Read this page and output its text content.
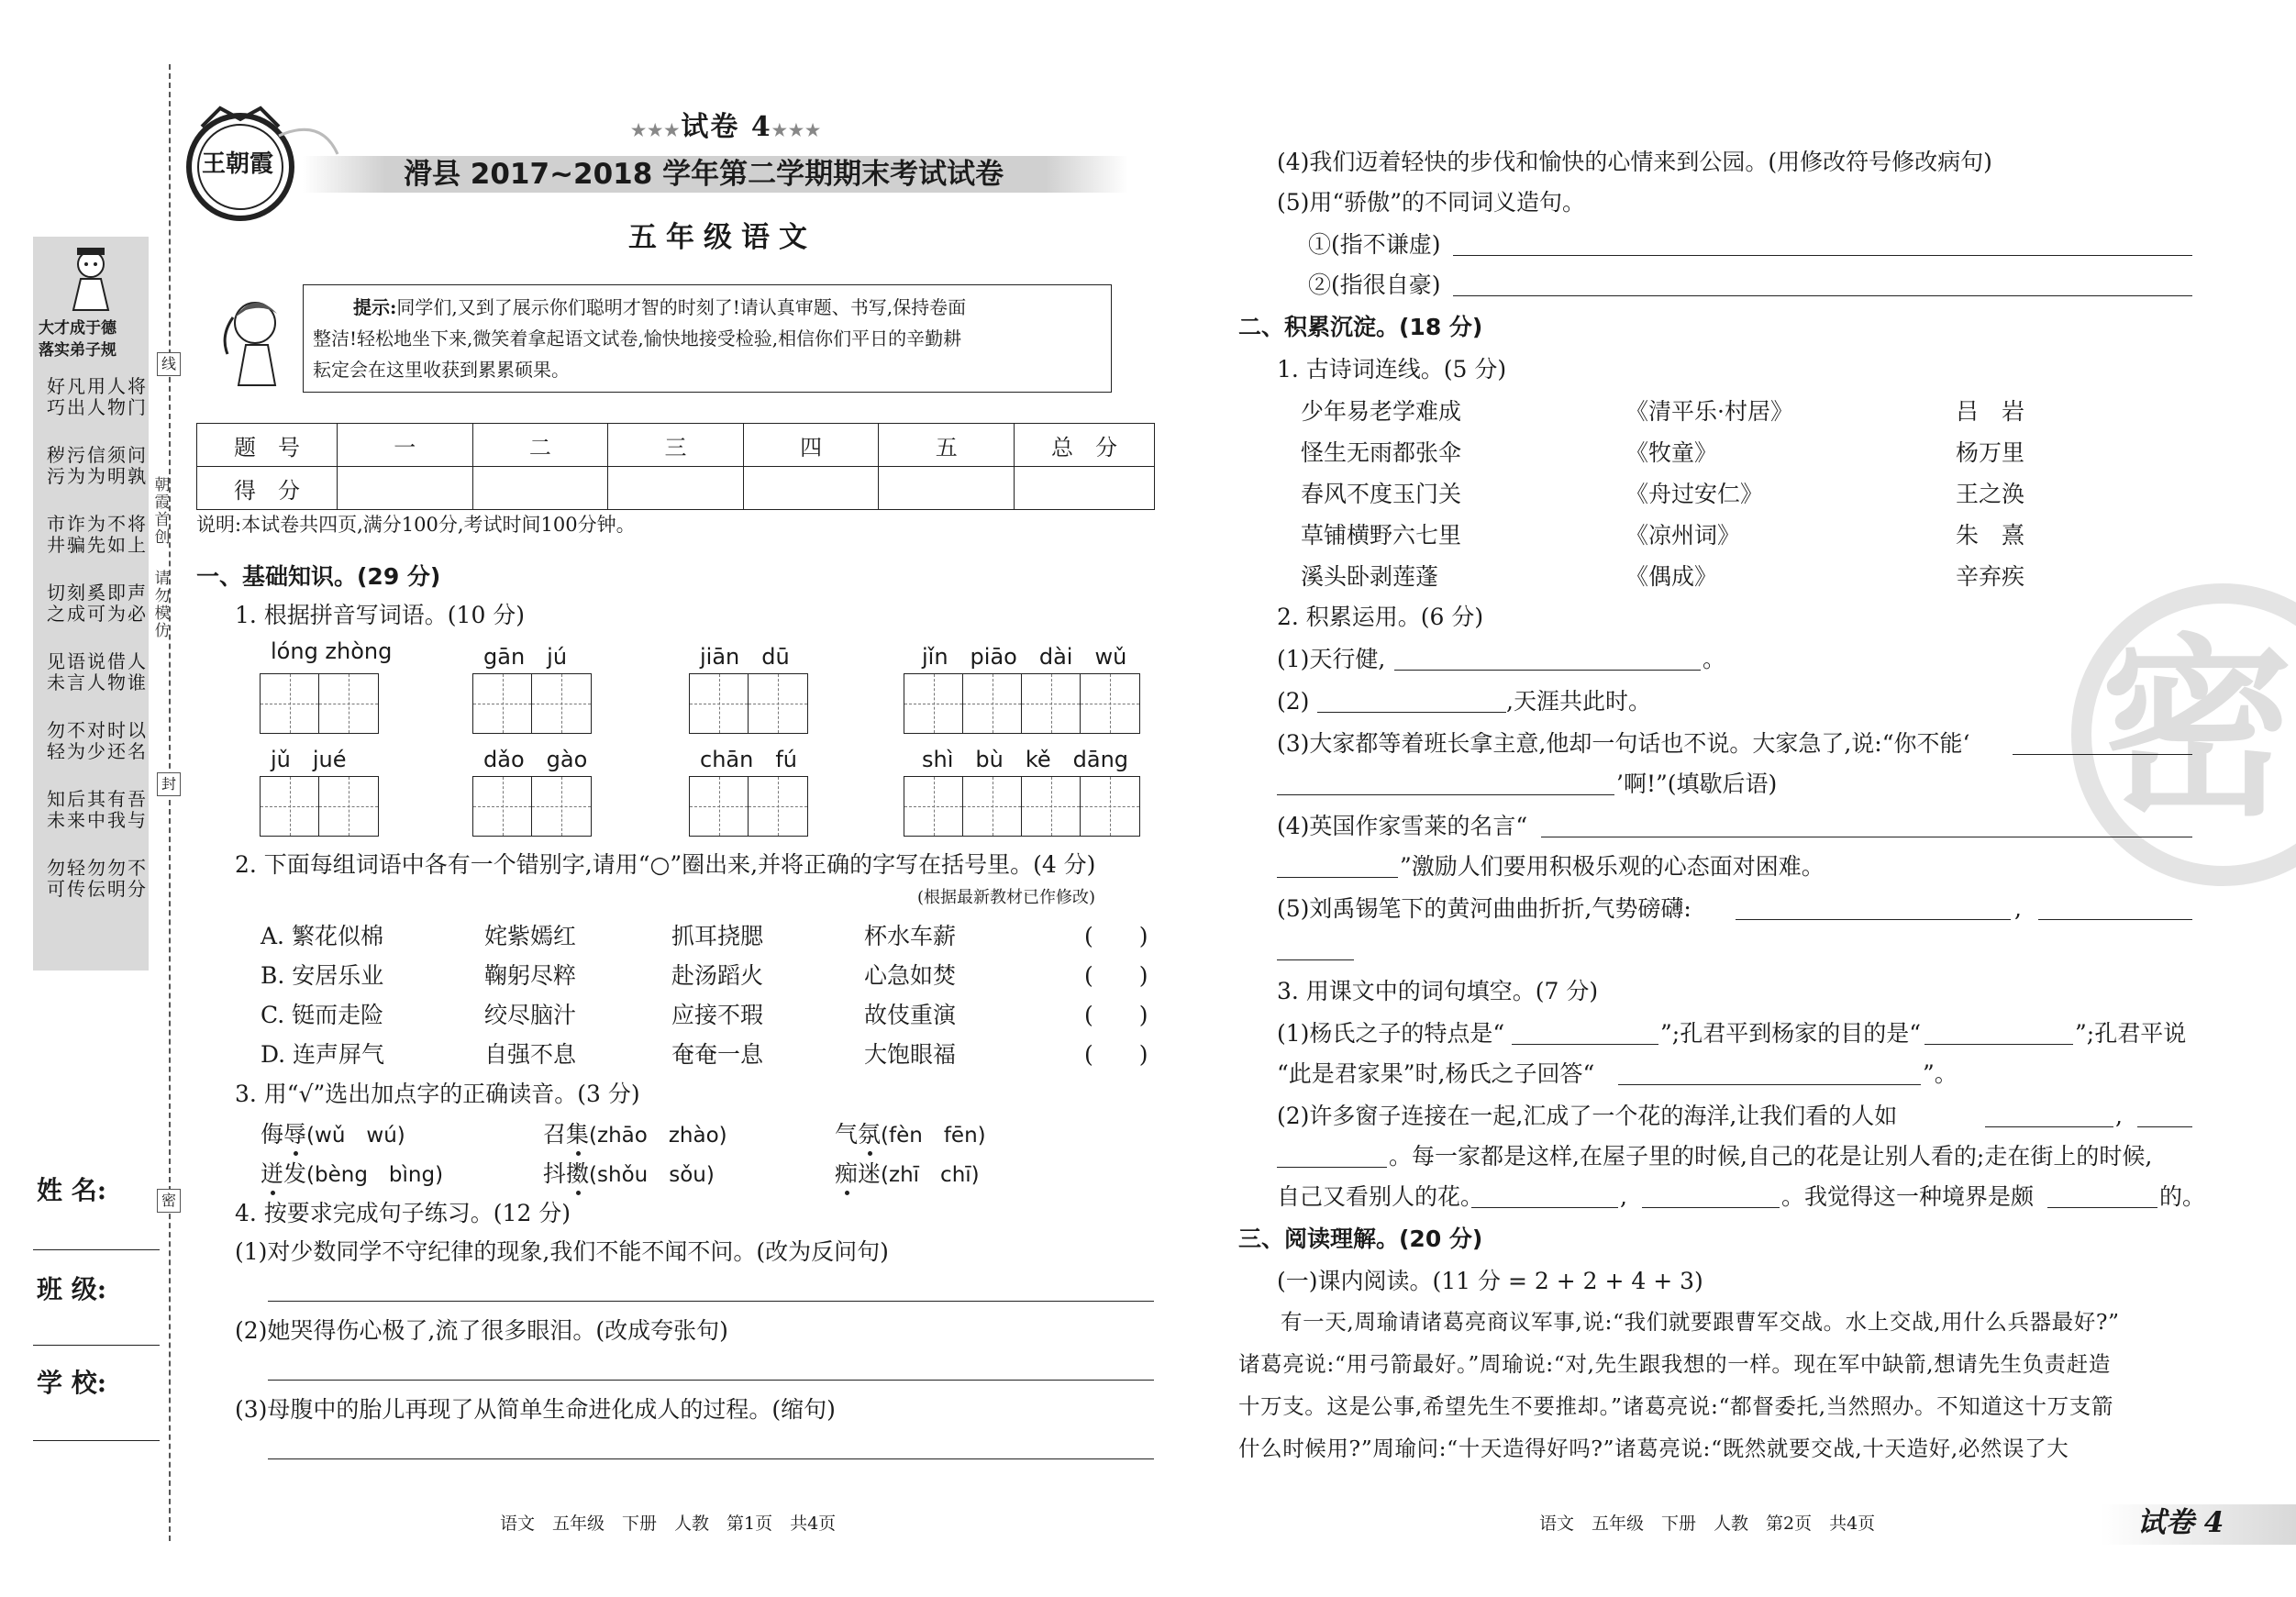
大才成于德
落实弟子规
将门
人物
用人
凡出
好巧
问孰
须明
信为
污为
秽污
将上
不如
为先
诈骗
市井
声必
即为
奚可
刻成
切之
人谁
借物
说人
语言
见未
以名
时还
对少
不为
勿轻
吾与
有我
其中
后来
知未
不分
勿明
勿伝
轻传
勿可
线
朝霞首创
请勿模仿
封
密
姓 名:
班 级:
学 校:
王朝霞
★★★试卷 4★★★
滑县 2017~2018 学年第二学期期末考试试卷
五年级语文
提示:同学们,又到了展示你们聪明才智的时刻了!请认真审题、书写,保持卷面
整洁!轻松地坐下来,微笑着拿起语文试卷,愉快地接受检验,相信你们平日的辛勤耕
耘定会在这里收获到累累硕果。
题　号	一	二	三	四	五	总　分
得　分						
说明:本试卷共四页,满分100分,考试时间100分钟。
一、基础知识。(29 分)
1. 根据拼音写词语。(10 分)
lóng zhòng	gān　jú	jiān　dū	jǐn　piāo　dài　wǔ
jǔ　jué	dǎo　gào	chān　fú	shì　bù　kě　dāng
2. 下面每组词语中各有一个错别字,请用“○”圈出来,并将正确的字写在括号里。(4 分)
(根据最新教材已作修改)
A. 繁花似棉	姹紫嫣红	抓耳挠腮	杯水车薪	(　　)
B. 安居乐业	鞠躬尽粹	赴汤蹈火	心急如焚	(　　)
C. 铤而走险	绞尽脑汁	应接不瑕	故伎重演	(　　)
D. 连声屏气	自强不息	奄奄一息	大饱眼福	(　　)
3. 用“√”选出加点字的正确读音。(3 分)
侮辱(wǔ　wú)	召集(zhāo　zhào)	气氛(fèn　fēn)
迸发(bèng　bìng)	抖擞(shǒu　sǒu)	痴迷(zhī　chī)
4. 按要求完成句子练习。(12 分)
(1)对少数同学不守纪律的现象,我们不能不闻不问。(改为反问句)
(2)她哭得伤心极了,流了很多眼泪。(改成夸张句)
(3)母腹中的胎儿再现了从简单生命进化成人的过程。(缩句)
语文　五年级　下册　人教　第1页　共4页
密
(4)我们迈着轻快的步伐和愉快的心情来到公园。(用修改符号修改病句)
(5)用“骄傲”的不同词义造句。
①(指不谦虚)
②(指很自豪)
二、积累沉淀。(18 分)
1. 古诗词连线。(5 分)
少年易老学难成	《清平乐·村居》	吕　岩
怪生无雨都张伞	《牧童》	杨万里
春风不度玉门关	《舟过安仁》	王之涣
草铺横野六七里	《凉州词》	朱　熹
溪头卧剥莲蓬	《偶成》	辛弃疾
2. 积累运用。(6 分)
(1)天行健,	。
(2)	,天涯共此时。
(3)大家都等着班长拿主意,他却一句话也不说。大家急了,说:“你不能‘
’啊!”(填歇后语)
(4)英国作家雪莱的名言“
”激励人们要用积极乐观的心态面对困难。
(5)刘禹锡笔下的黄河曲曲折折,气势磅礴:	,
3. 用课文中的词句填空。(7 分)
(1)杨氏之子的特点是“	”;孔君平到杨家的目的是“	”;孔君平说
“此是君家果”时,杨氏之子回答“	”。
(2)许多窗子连接在一起,汇成了一个花的海洋,让我们看的人如	,
。每一家都是这样,在屋子里的时候,自己的花是让别人看的;走在街上的时候,
自己又看别人的花。	,	。我觉得这一种境界是颇	的。
三、阅读理解。(20 分)
(一)课内阅读。(11 分 = 2 + 2 + 4 + 3)
有一天,周瑜请诸葛亮商议军事,说:“我们就要跟曹军交战。水上交战,用什么兵器最好?”
诸葛亮说:“用弓箭最好。”周瑜说:“对,先生跟我想的一样。现在军中缺箭,想请先生负责赶造
十万支。这是公事,希望先生不要推却。”诸葛亮说:“都督委托,当然照办。不知道这十万支箭
什么时候用?”周瑜问:“十天造得好吗?”诸葛亮说:“既然就要交战,十天造好,必然误了大
语文　五年级　下册　人教　第2页　共4页	试卷 4
